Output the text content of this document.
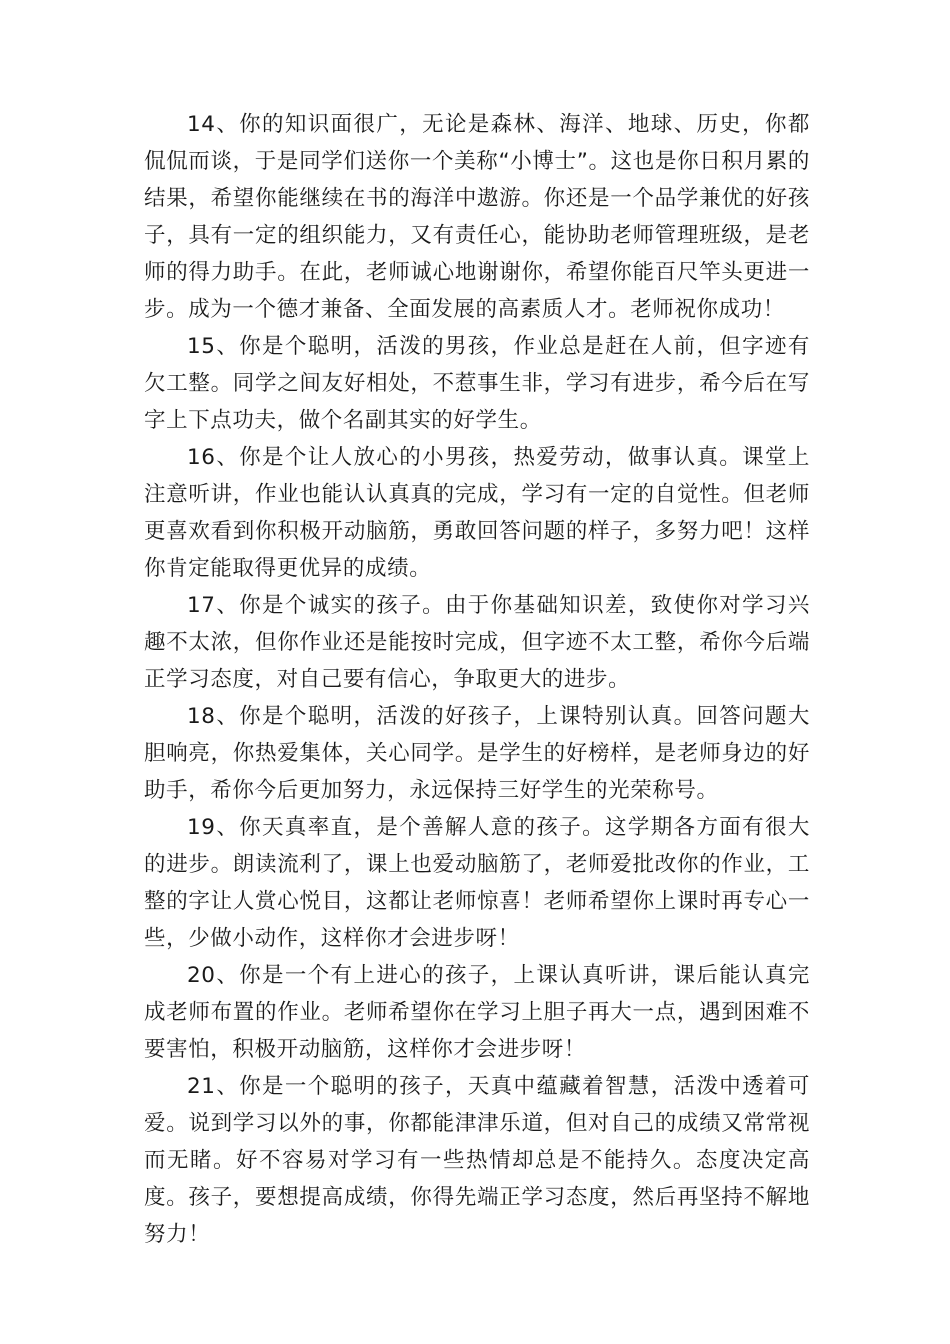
14、你的知识面很广，无论是森林、海洋、地球、历史，你都侃侃而谈，于是同学们送你一个美称“小博士”。这也是你日积月累的结果，希望你能继续在书的海洋中遨游。你还是一个品学兼优的好孩子，具有一定的组织能力，又有责任心，能协助老师管理班级，是老师的得力助手。在此，老师诚心地谢谢你，希望你能百尺竿头更进一步。成为一个德才兼备、全面发展的高素质人才。老师祝你成功！

15、你是个聪明，活泼的男孩，作业总是赶在人前，但字迹有欠工整。同学之间友好相处，不惹事生非，学习有进步，希今后在写字上下点功夫，做个名副其实的好学生。

16、你是个让人放心的小男孩，热爱劳动，做事认真。课堂上注意听讲，作业也能认认真真的完成，学习有一定的自觉性。但老师更喜欢看到你积极开动脑筋，勇敢回答问题的样子，多努力吧！这样你肯定能取得更优异的成绩。

17、你是个诚实的孩子。由于你基础知识差，致使你对学习兴趣不太浓，但你作业还是能按时完成，但字迹不太工整，希你今后端正学习态度，对自己要有信心，争取更大的进步。

18、你是个聪明，活泼的好孩子，上课特别认真。回答问题大胆响亮，你热爱集体，关心同学。是学生的好榜样，是老师身边的好助手，希你今后更加努力，永远保持三好学生的光荣称号。

19、你天真率直，是个善解人意的孩子。这学期各方面有很大的进步。朗读流利了，课上也爱动脑筋了，老师爱批改你的作业，工整的字让人赏心悦目，这都让老师惊喜！老师希望你上课时再专心一些，少做小动作，这样你才会进步呀！

20、你是一个有上进心的孩子，上课认真听讲，课后能认真完成老师布置的作业。老师希望你在学习上胆子再大一点，遇到困难不要害怕，积极开动脑筋，这样你才会进步呀！

21、你是一个聪明的孩子，天真中蕴藏着智慧，活泼中透着可爱。说到学习以外的事，你都能津津乐道，但对自己的成绩又常常视而无睹。好不容易对学习有一些热情却总是不能持久。态度决定高度。孩子，要想提高成绩，你得先端正学习态度，然后再坚持不解地努力！
